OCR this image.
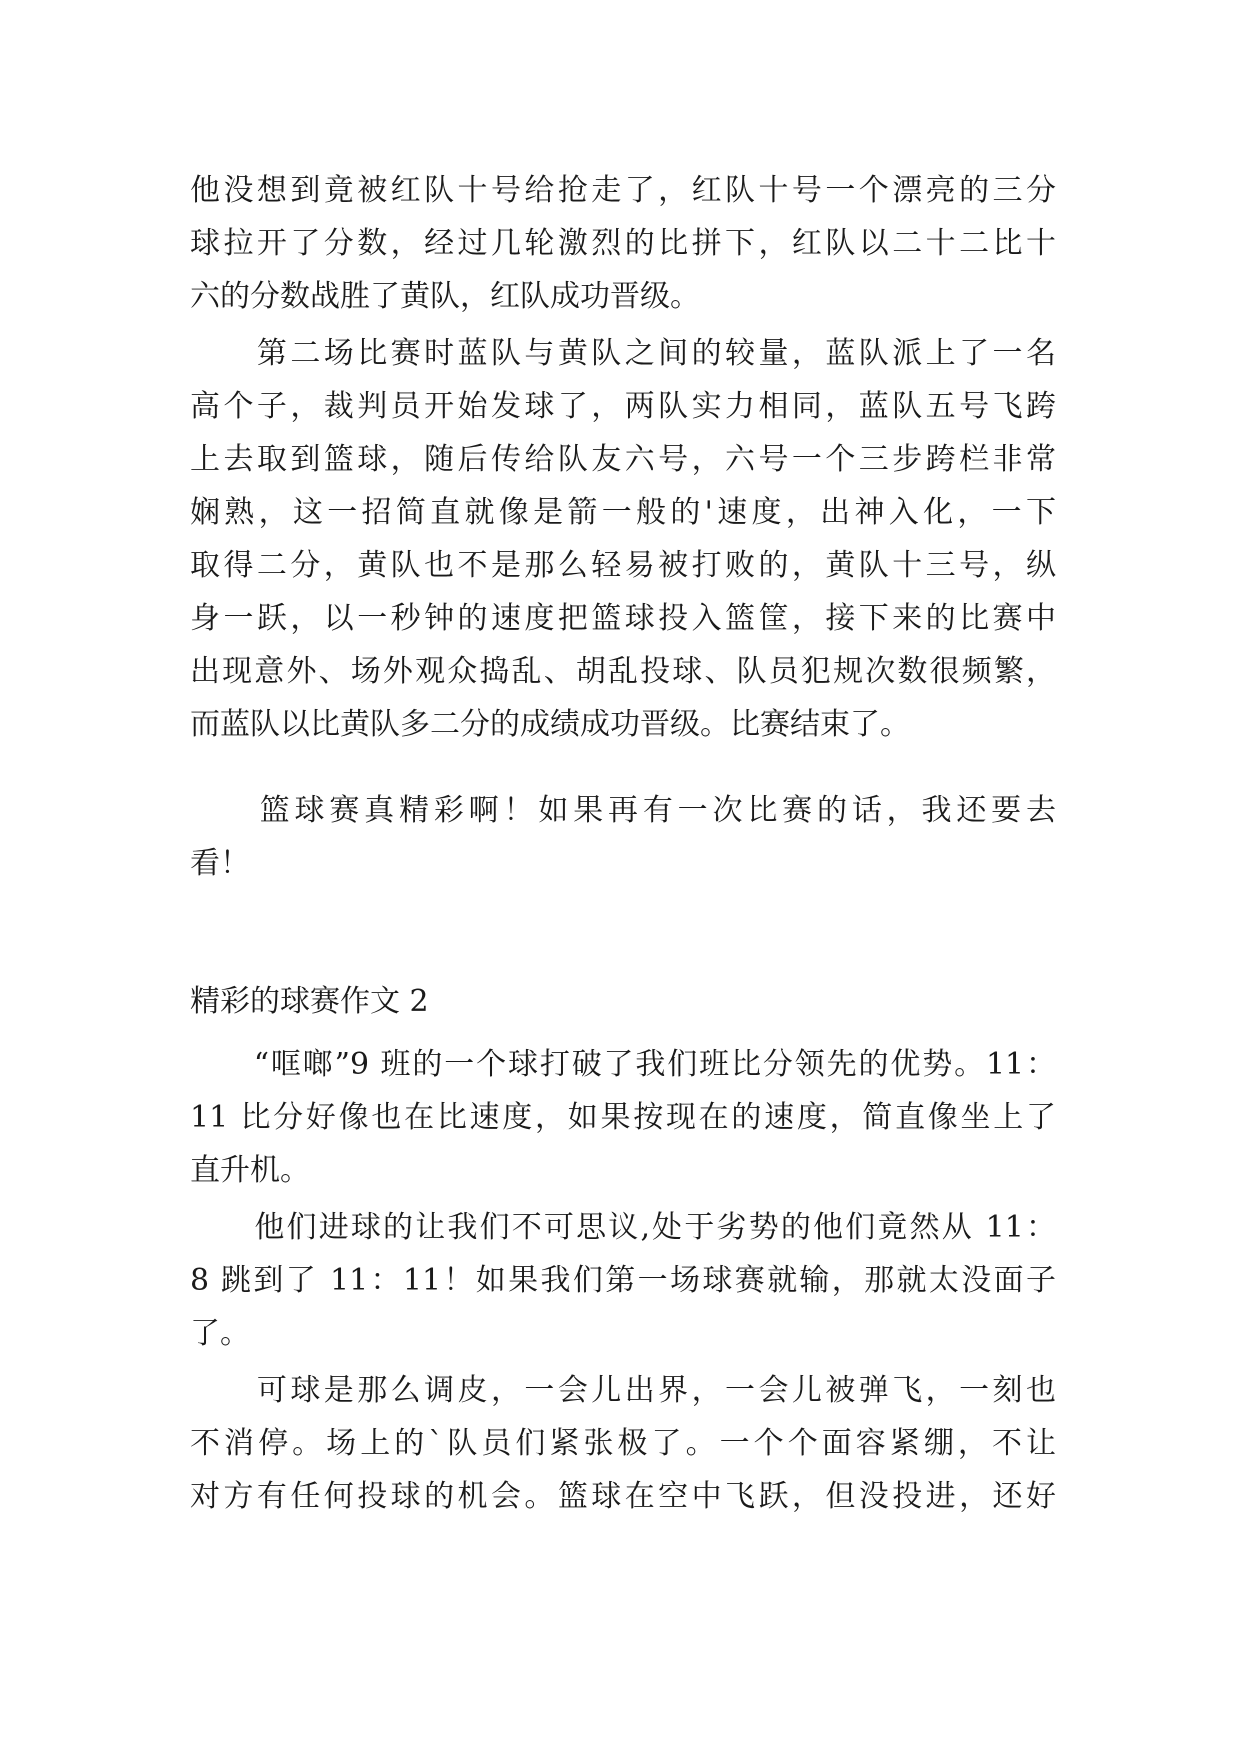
他没想到竟被红队十号给抢走了，红队十号一个漂亮的三分
球拉开了分数，经过几轮激烈的比拼下，红队以二十二比十
六的分数战胜了黄队，红队成功晋级。
　　第二场比赛时蓝队与黄队之间的较量，蓝队派上了一名
高个子，裁判员开始发球了，两队实力相同，蓝队五号飞跨
上去取到篮球，随后传给队友六号，六号一个三步跨栏非常
娴熟，这一招简直就像是箭一般的'速度，出神入化，一下
取得二分，黄队也不是那么轻易被打败的，黄队十三号，纵
身一跃，以一秒钟的速度把篮球投入篮筐，接下来的比赛中
出现意外、场外观众捣乱、胡乱投球、队员犯规次数很频繁，
而蓝队以比黄队多二分的成绩成功晋级。比赛结束了。
　　篮球赛真精彩啊！如果再有一次比赛的话，我还要去
看！
精彩的球赛作文 2
　　“哐啷”9 班的一个球打破了我们班比分领先的优势。11：
11 比分好像也在比速度，如果按现在的速度，简直像坐上了
直升机。
　　他们进球的让我们不可思议,处于劣势的他们竟然从 11：
8 跳到了 11：11！如果我们第一场球赛就输，那就太没面子
了。
　　可球是那么调皮，一会儿出界，一会儿被弹飞，一刻也
不消停。场上的`队员们紧张极了。一个个面容紧绷，不让
对方有任何投球的机会。篮球在空中飞跃，但没投进，还好
